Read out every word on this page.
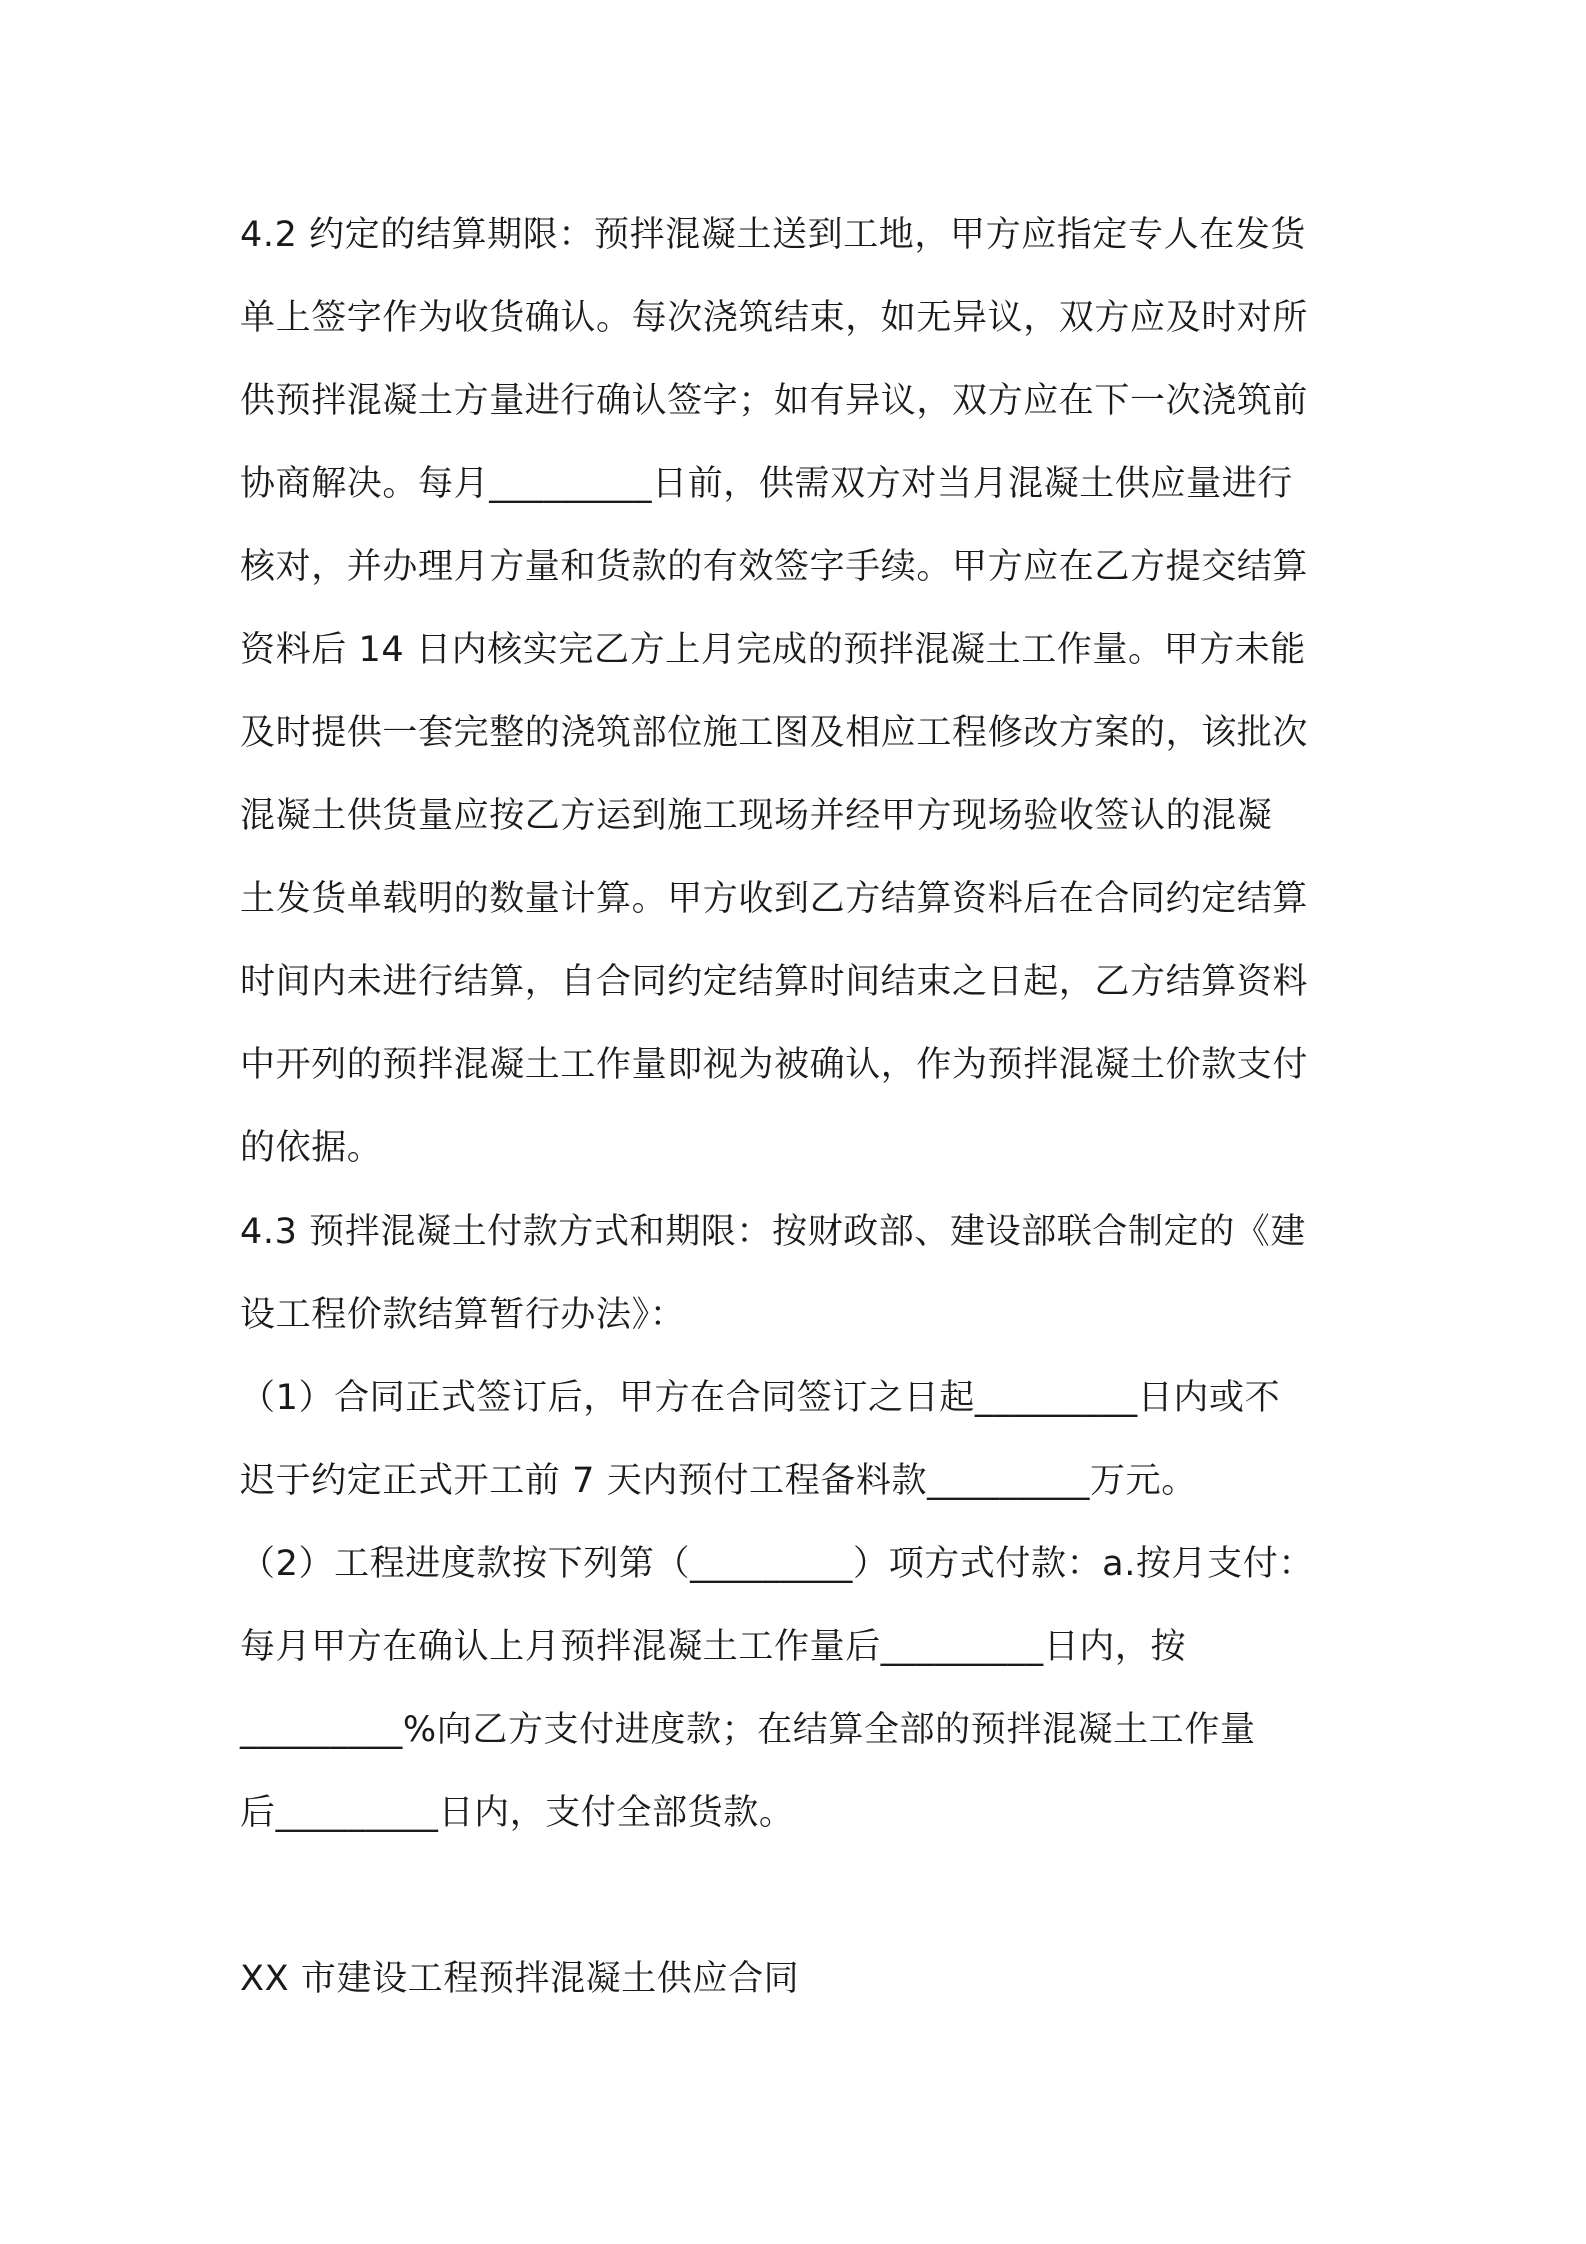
4.2 约定的结算期限：预拌混凝土送到工地，甲方应指定专人在发货
单上签字作为收货确认。每次浇筑结束，如无异议，双方应及时对所
供预拌混凝土方量进行确认签字；如有异议，双方应在下一次浇筑前
协商解决。每月_________日前，供需双方对当月混凝土供应量进行
核对，并办理月方量和货款的有效签字手续。甲方应在乙方提交结算
资料后 14 日内核实完乙方上月完成的预拌混凝土工作量。甲方未能
及时提供一套完整的浇筑部位施工图及相应工程修改方案的，该批次
混凝土供货量应按乙方运到施工现场并经甲方现场验收签认的混凝
土发货单载明的数量计算。甲方收到乙方结算资料后在合同约定结算
时间内未进行结算，自合同约定结算时间结束之日起，乙方结算资料
中开列的预拌混凝土工作量即视为被确认，作为预拌混凝土价款支付
的依据。
4.3 预拌混凝土付款方式和期限：按财政部、建设部联合制定的《建
设工程价款结算暂行办法》：
（1）合同正式签订后，甲方在合同签订之日起_________日内或不
迟于约定正式开工前 7 天内预付工程备料款_________万元。
（2）工程进度款按下列第（_________）项方式付款：a.按月支付：
每月甲方在确认上月预拌混凝土工作量后_________日内，按
_________%向乙方支付进度款；在结算全部的预拌混凝土工作量
后_________日内，支付全部货款。
XX 市建设工程预拌混凝土供应合同
